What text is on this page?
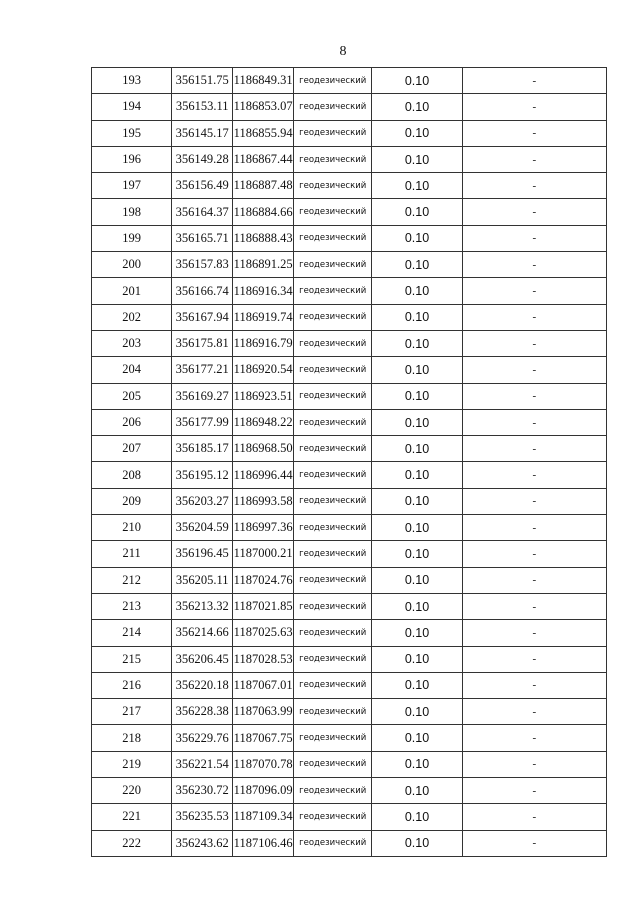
8
193	356151.75	1186849.31	геодезический	0.10	-
194	356153.11	1186853.07	геодезический	0.10	-
195	356145.17	1186855.94	геодезический	0.10	-
196	356149.28	1186867.44	геодезический	0.10	-
197	356156.49	1186887.48	геодезический	0.10	-
198	356164.37	1186884.66	геодезический	0.10	-
199	356165.71	1186888.43	геодезический	0.10	-
200	356157.83	1186891.25	геодезический	0.10	-
201	356166.74	1186916.34	геодезический	0.10	-
202	356167.94	1186919.74	геодезический	0.10	-
203	356175.81	1186916.79	геодезический	0.10	-
204	356177.21	1186920.54	геодезический	0.10	-
205	356169.27	1186923.51	геодезический	0.10	-
206	356177.99	1186948.22	геодезический	0.10	-
207	356185.17	1186968.50	геодезический	0.10	-
208	356195.12	1186996.44	геодезический	0.10	-
209	356203.27	1186993.58	геодезический	0.10	-
210	356204.59	1186997.36	геодезический	0.10	-
211	356196.45	1187000.21	геодезический	0.10	-
212	356205.11	1187024.76	геодезический	0.10	-
213	356213.32	1187021.85	геодезический	0.10	-
214	356214.66	1187025.63	геодезический	0.10	-
215	356206.45	1187028.53	геодезический	0.10	-
216	356220.18	1187067.01	геодезический	0.10	-
217	356228.38	1187063.99	геодезический	0.10	-
218	356229.76	1187067.75	геодезический	0.10	-
219	356221.54	1187070.78	геодезический	0.10	-
220	356230.72	1187096.09	геодезический	0.10	-
221	356235.53	1187109.34	геодезический	0.10	-
222	356243.62	1187106.46	геодезический	0.10	-
